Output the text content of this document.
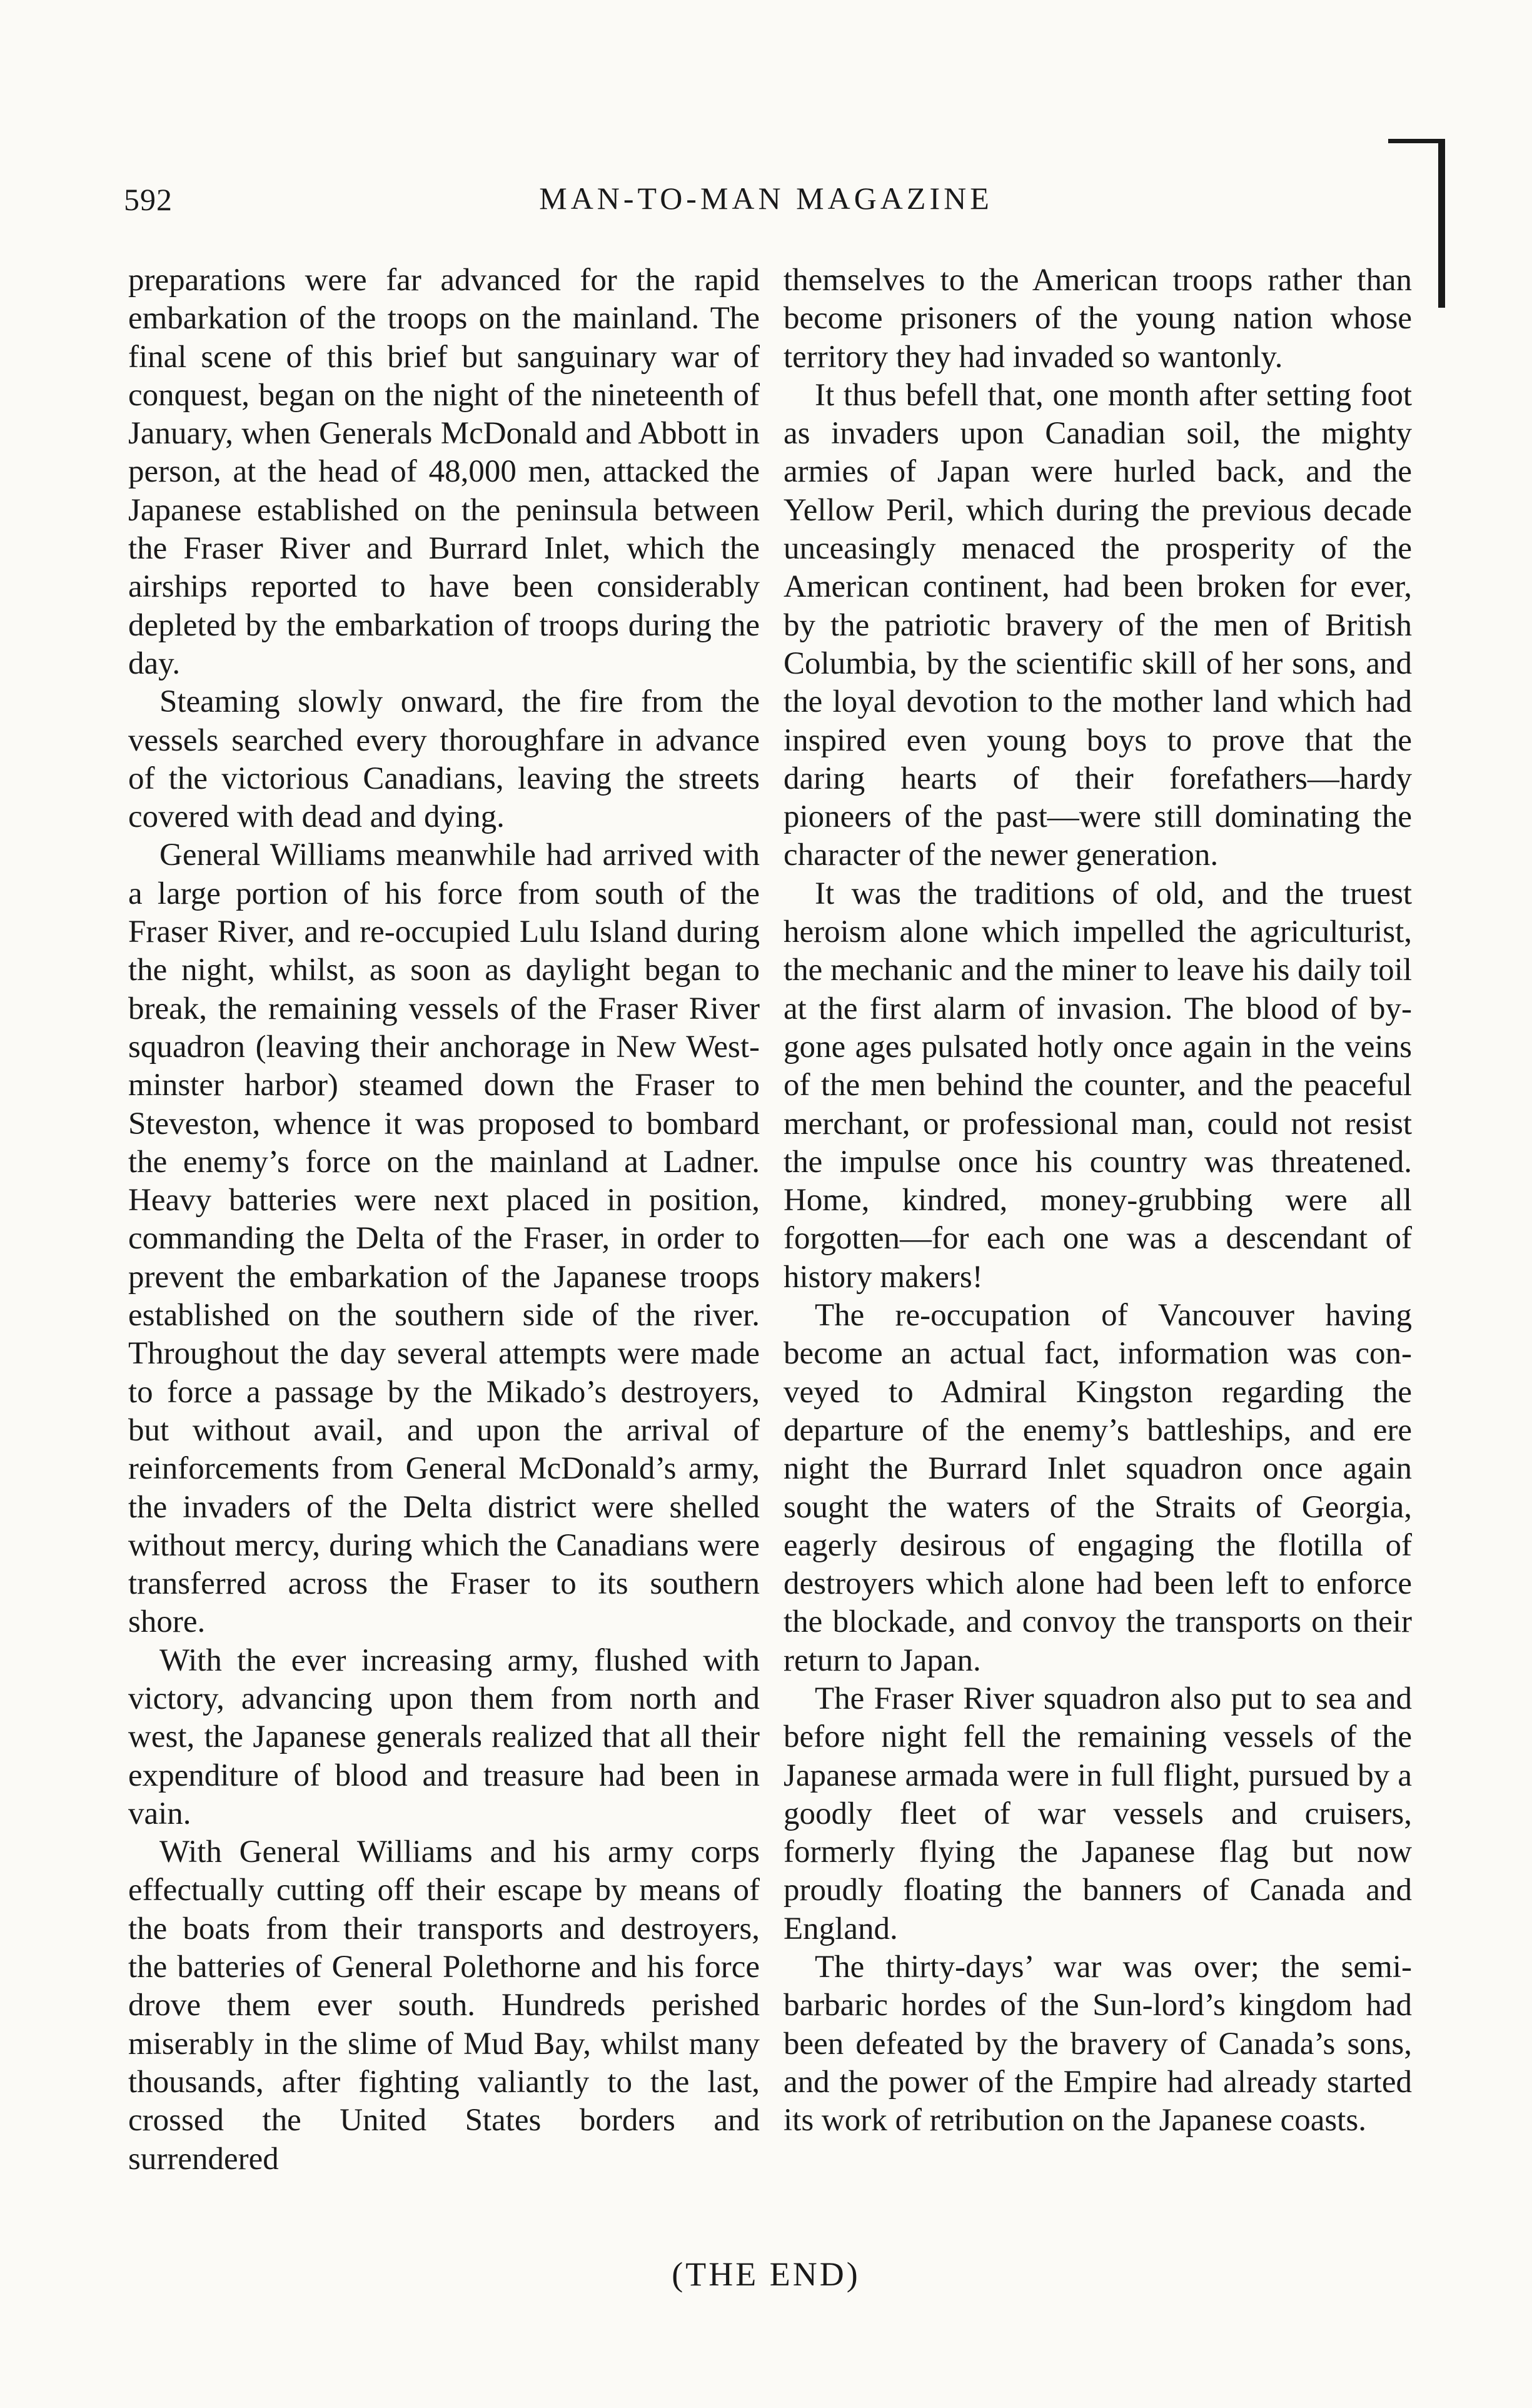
592	MAN-TO-MAN MAGAZINE

preparations were far advanced for the rapid embarkation of the troops on the mainland. The final scene of this brief but sanguinary war of conquest, began on the night of the nineteenth of January, when Generals McDonald and Abbott in person, at the head of 48,000 men, attacked the Japanese established on the peninsula between the Fraser River and Burrard Inlet, which the airships reported to have been considerably depleted by the embarkation of troops during the day.

Steaming slowly onward, the fire from the vessels searched every thoroughfare in advance of the victorious Canadians, leaving the streets covered with dead and dying.

General Williams meanwhile had arrived with a large portion of his force from south of the Fraser River, and re-occupied Lulu Island during the night, whilst, as soon as daylight began to break, the remaining vessels of the Fraser River squadron (leaving their anchorage in New Westminster harbor) steamed down the Fraser to Steveston, whence it was proposed to bombard the enemy’s force on the mainland at Ladner. Heavy batteries were next placed in position, commanding the Delta of the Fraser, in order to prevent the embarkation of the Japanese troops established on the southern side of the river. Throughout the day several attempts were made to force a passage by the Mikado’s destroyers, but without avail, and upon the arrival of reinforcements from General McDonald’s army, the invaders of the Delta district were shelled without mercy, during which the Canadians were transferred across the Fraser to its southern shore.

With the ever increasing army, flushed with victory, advancing upon them from north and west, the Japanese generals realized that all their expenditure of blood and treasure had been in vain.

With General Williams and his army corps effectually cutting off their escape by means of the boats from their transports and destroyers, the batteries of General Polethorne and his force drove them ever south. Hundreds perished miserably in the slime of Mud Bay, whilst many thousands, after fighting valiantly to the last, crossed the United States borders and surrendered

themselves to the American troops rather than become prisoners of the young nation whose territory they had invaded so wantonly.

It thus befell that, one month after setting foot as invaders upon Canadian soil, the mighty armies of Japan were hurled back, and the Yellow Peril, which during the previous decade unceasingly menaced the prosperity of the American continent, had been broken for ever, by the patriotic bravery of the men of British Columbia, by the scientific skill of her sons, and the loyal devotion to the mother land which had inspired even young boys to prove that the daring hearts of their forefathers—hardy pioneers of the past—were still dominating the character of the newer generation.

It was the traditions of old, and the truest heroism alone which impelled the agriculturist, the mechanic and the miner to leave his daily toil at the first alarm of invasion. The blood of by-gone ages pulsated hotly once again in the veins of the men behind the counter, and the peaceful merchant, or professional man, could not resist the impulse once his country was threatened. Home, kindred, money-grubbing were all forgotten—for each one was a descendant of history makers!

The re-occupation of Vancouver having become an actual fact, information was conveyed to Admiral Kingston regarding the departure of the enemy’s battleships, and ere night the Burrard Inlet squadron once again sought the waters of the Straits of Georgia, eagerly desirous of engaging the flotilla of destroyers which alone had been left to enforce the blockade, and convoy the transports on their return to Japan.

The Fraser River squadron also put to sea and before night fell the remaining vessels of the Japanese armada were in full flight, pursued by a goodly fleet of war vessels and cruisers, formerly flying the Japanese flag but now proudly floating the banners of Canada and England.

The thirty-days’ war was over; the semibarbaric hordes of the Sun-lord’s kingdom had been defeated by the bravery of Canada’s sons, and the power of the Empire had already started its work of retribution on the Japanese coasts.

(THE END)
